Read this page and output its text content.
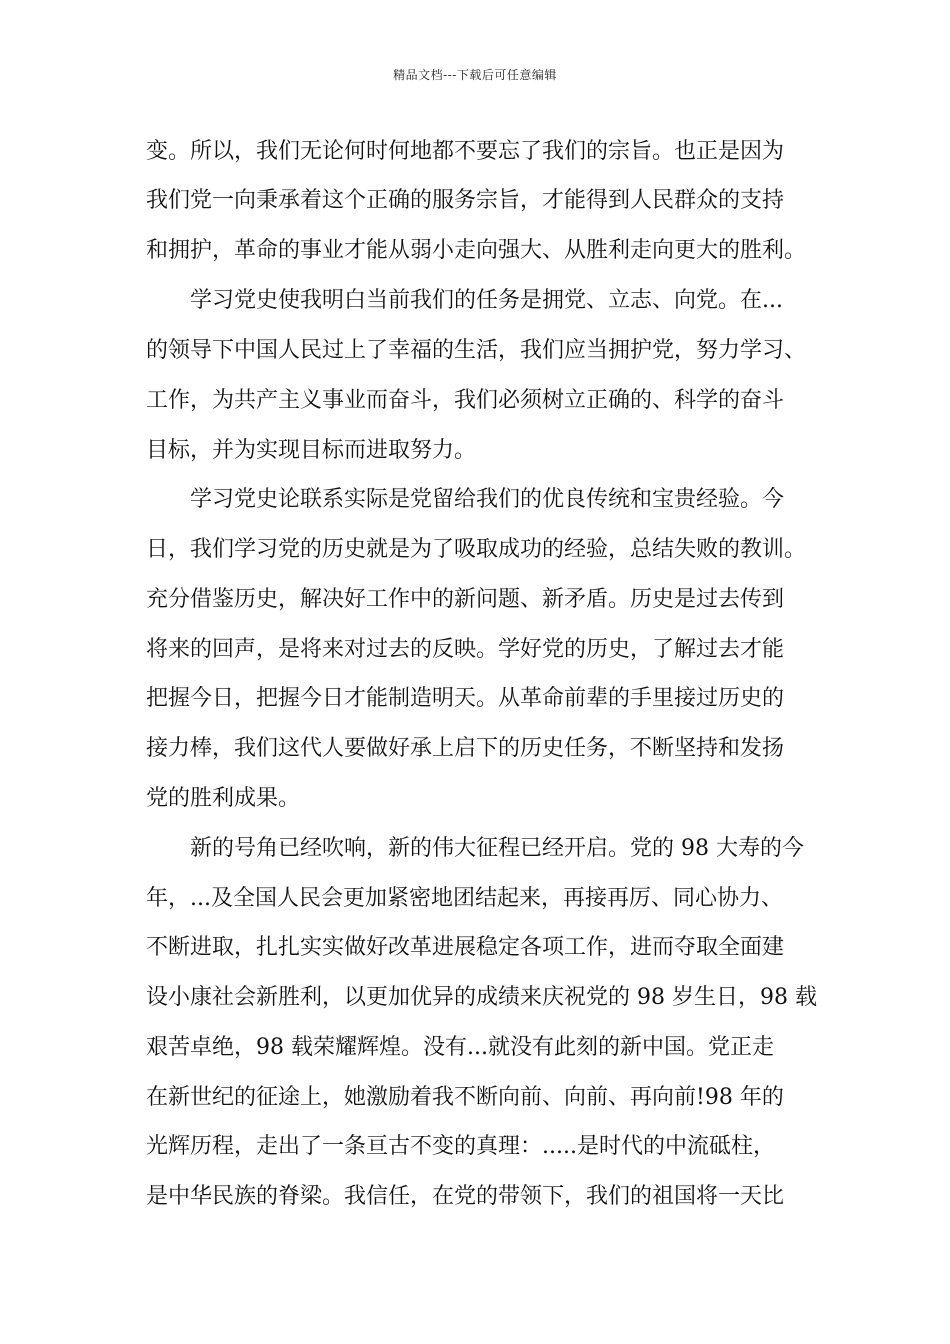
精品文档---下载后可任意编辑
变。所以，我们无论何时何地都不要忘了我们的宗旨。也正是因为
我们党一向秉承着这个正确的服务宗旨，才能得到人民群众的支持
和拥护，革命的事业才能从弱小走向强大、从胜利走向更大的胜利。
学习党史使我明白当前我们的任务是拥党、立志、向党。在...
的领导下中国人民过上了幸福的生活，我们应当拥护党，努力学习、
工作，为共产主义事业而奋斗，我们必须树立正确的、科学的奋斗
目标，并为实现目标而进取努力。
学习党史论联系实际是党留给我们的优良传统和宝贵经验。今
日，我们学习党的历史就是为了吸取成功的经验，总结失败的教训。
充分借鉴历史，解决好工作中的新问题、新矛盾。历史是过去传到
将来的回声，是将来对过去的反映。学好党的历史，了解过去才能
把握今日，把握今日才能制造明天。从革命前辈的手里接过历史的
接力棒，我们这代人要做好承上启下的历史任务，不断坚持和发扬
党的胜利成果。
新的号角已经吹响，新的伟大征程已经开启。党的 98 大寿的今
年，...及全国人民会更加紧密地团结起来，再接再厉、同心协力、
不断进取，扎扎实实做好改革进展稳定各项工作，进而夺取全面建
设小康社会新胜利，以更加优异的成绩来庆祝党的 98 岁生日，98 载
艰苦卓绝，98 载荣耀辉煌。没有...就没有此刻的新中国。党正走
在新世纪的征途上，她激励着我不断向前、向前、再向前!98 年的
光辉历程，走出了一条亘古不变的真理：.....是时代的中流砥柱，
是中华民族的脊梁。我信任，在党的带领下，我们的祖国将一天比
